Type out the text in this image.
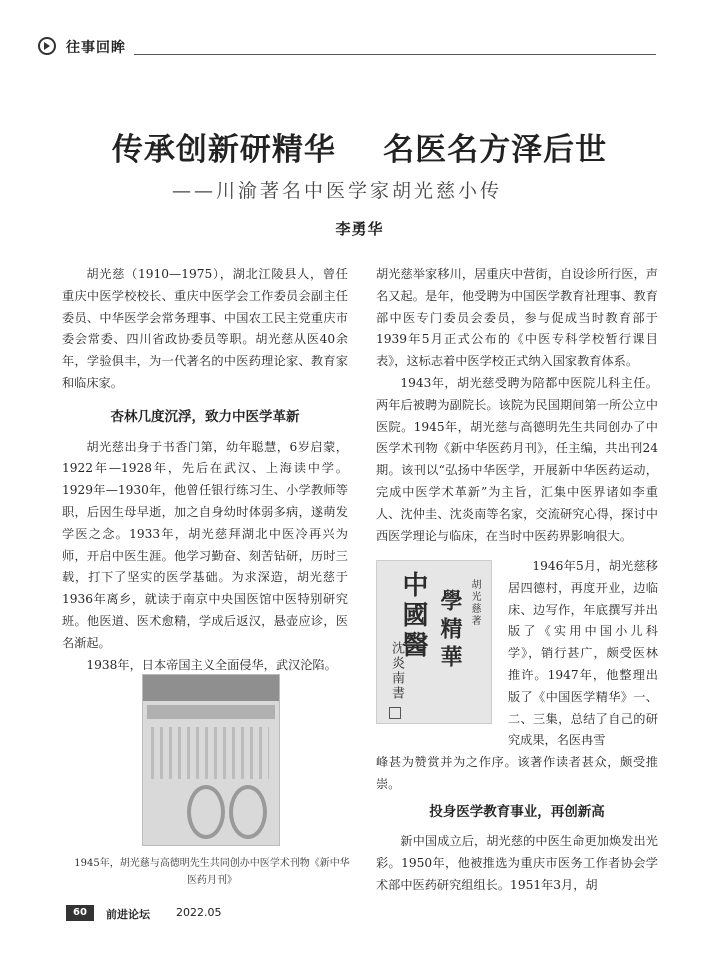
往事回眸
传承创新研精华    名医名方泽后世
——川渝著名中医学家胡光慈小传
李勇华

胡光慈（1910—1975），湖北江陵县人，曾任重庆中医学校校长、重庆中医学会工作委员会副主任委员、中华医学会常务理事、中国农工民主党重庆市委会常委、四川省政协委员等职。胡光慈从医40余年，学验俱丰，为一代著名的中医药理论家、教育家和临床家。

杏林几度沉浮，致力中医学革新

胡光慈出身于书香门第，幼年聪慧，6岁启蒙，1922年—1928年，先后在武汉、上海读中学。1929年—1930年，他曾任银行练习生、小学教师等职，后因生母早逝，加之自身幼时体弱多病，遂萌发学医之念。1933年，胡光慈拜湖北中医冷再兴为师，开启中医生涯。他学习勤奋、刻苦钻研，历时三载，打下了坚实的医学基础。为求深造，胡光慈于1936年离乡，就读于南京中央国医馆中医特别研究班。他医道、医术愈精，学成后返汉，悬壶应诊，医名渐起。

1938年，日本帝国主义全面侵华，武汉沦陷。

1945年，胡光慈与高德明先生共同创办中医学术刊物《新中华医药月刊》

胡光慈举家移川，居重庆中营街，自设诊所行医，声名又起。是年，他受聘为中国医学教育社理事、教育部中医专门委员会委员，参与促成当时教育部于1939年5月正式公布的《中医专科学校暂行课目表》，这标志着中医学校正式纳入国家教育体系。

1943年，胡光慈受聘为陪都中医院儿科主任。两年后被聘为副院长。该院为民国期间第一所公立中医院。1945年，胡光慈与高德明先生共同创办了中医学术刊物《新中华医药月刊》，任主编，共出刊24期。该刊以“弘扬中华医学，开展新中华医药运动，完成中医学术革新”为主旨，汇集中医界诸如李重人、沈仲圭、沈炎南等名家，交流研究心得，探讨中西医学理论与临床，在当时中医药界影响很大。

中國醫 學精華 胡光慈著
沈炎南書

1946年5月，胡光慈移居四德村，再度开业，边临床、边写作，年底撰写并出版了《实用中国小儿科学》，销行甚广，颇受医林推许。1947年，他整理出版了《中国医学精华》一、二、三集，总结了自己的研究成果，名医冉雪

峰甚为赞赏并为之作序。该著作读者甚众，颇受推崇。

投身医学教育事业，再创新高

新中国成立后，胡光慈的中医生命更加焕发出光彩。1950年，他被推选为重庆市医务工作者协会学术部中医药研究组组长。1951年3月，胡

60	前进论坛 2022.05
